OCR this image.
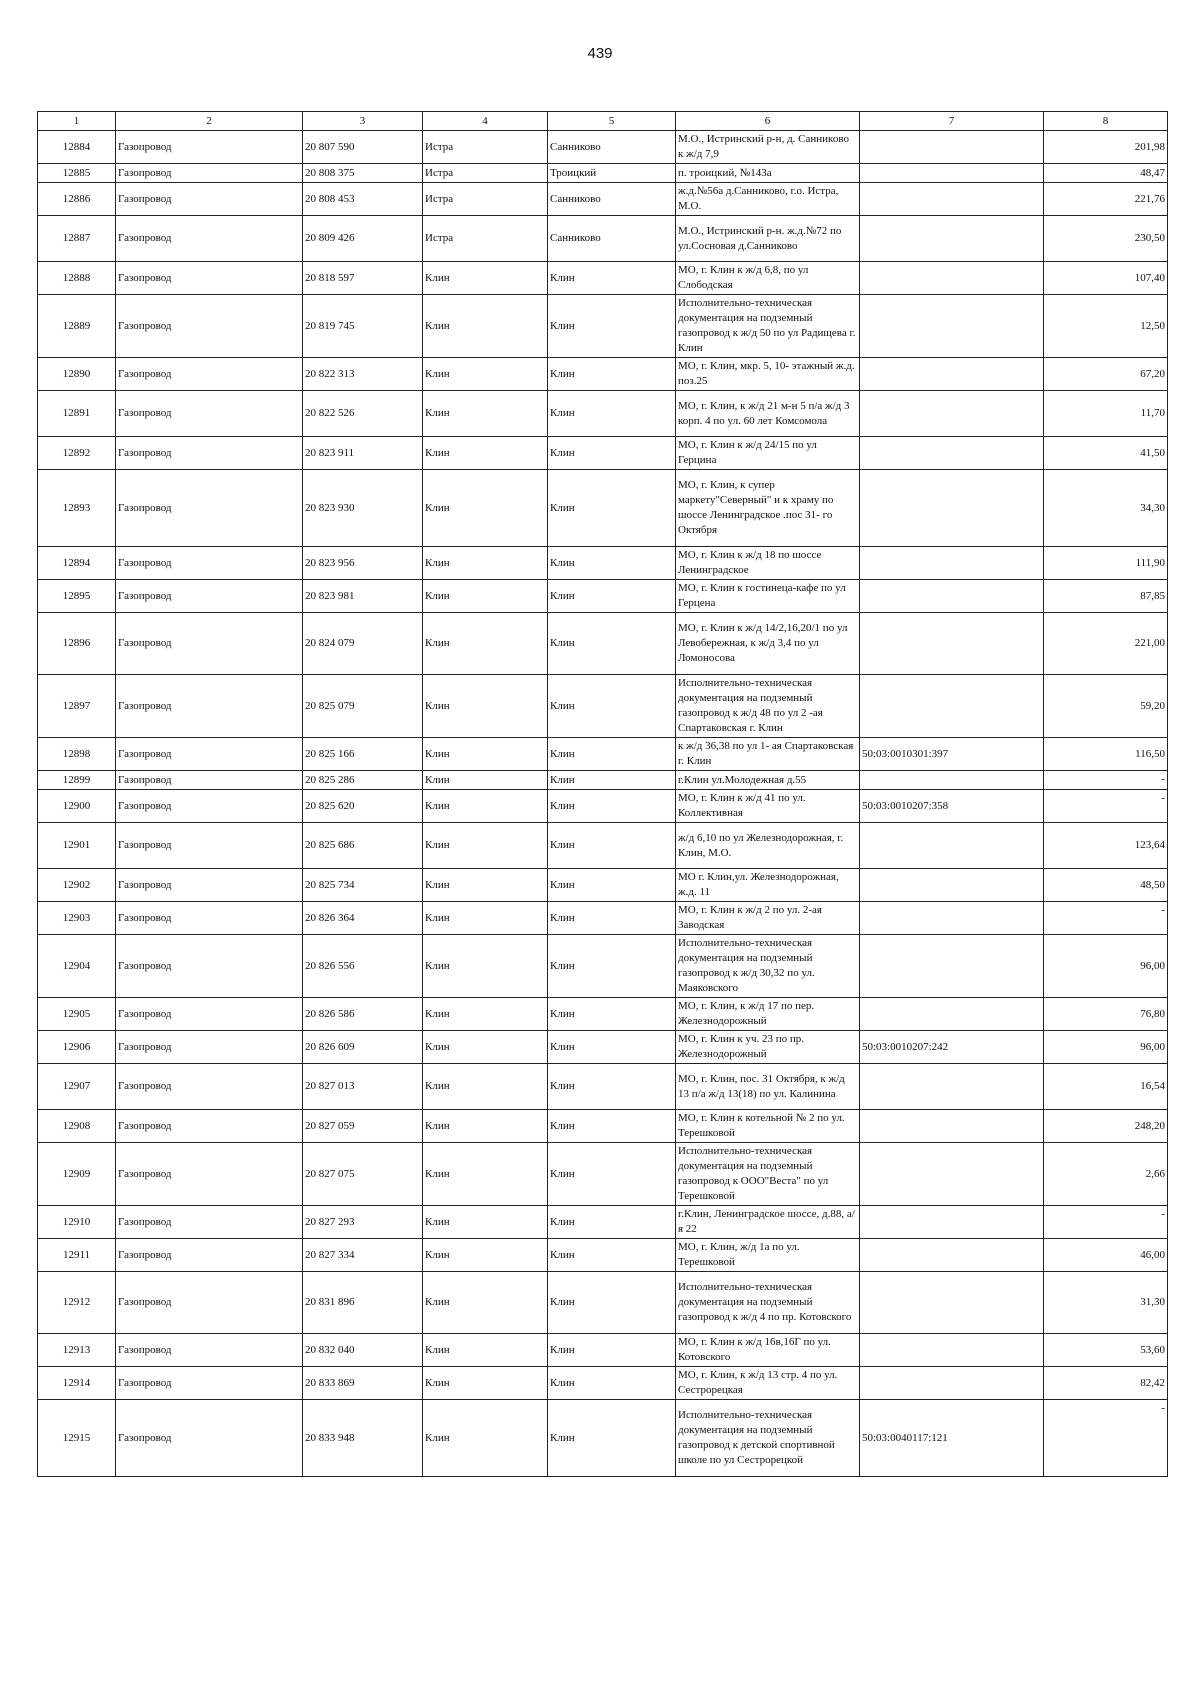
439
1	2	3	4	5	6	7	8
12884	Газопровод	20 807 590	Истра	Санниково	М.О., Истринский р-н, д. Санниково к ж/д 7,9		201,98
12885	Газопровод	20 808 375	Истра	Троицкий	п. троицкий, №143а		48,47
12886	Газопровод	20 808 453	Истра	Санниково	ж.д.№56а д.Санниково, г.о. Истра, М.О.		221,76
12887	Газопровод	20 809 426	Истра	Санниково	М.О., Истринский р-н. ж.д.№72 по ул.Сосновая д.Санниково		230,50
12888	Газопровод	20 818 597	Клин	Клин	МО, г. Клин к ж/д 6,8, по ул Слободская		107,40
12889	Газопровод	20 819 745	Клин	Клин	Исполнительно-техническая документация на подземный газопровод к ж/д 50 по ул Радищева г. Клин		12,50
12890	Газопровод	20 822 313	Клин	Клин	МО, г. Клин, мкр. 5, 10- этажный ж.д. поз.25		67,20
12891	Газопровод	20 822 526	Клин	Клин	МО, г. Клин, к ж/д 21 м-н 5 п/а ж/д 3 корп. 4 по ул. 60 лет Комсомола		11,70
12892	Газопровод	20 823 911	Клин	Клин	МО, г. Клин к ж/д 24/15 по ул Герцина		41,50
12893	Газопровод	20 823 930	Клин	Клин	МО, г. Клин, к супер маркету"Северный" и к храму по шоссе Ленинградское .пос 31- го Октября		34,30
12894	Газопровод	20 823 956	Клин	Клин	МО, г. Клин к ж/д 18 по шоссе Ленинградское		111,90
12895	Газопровод	20 823 981	Клин	Клин	МО, г. Клин к гостинеца-кафе по ул Герцена		87,85
12896	Газопровод	20 824 079	Клин	Клин	МО, г. Клин к ж/д 14/2,16,20/1 по ул Левобережная, к ж/д 3,4 по ул Ломоносова		221,00
12897	Газопровод	20 825 079	Клин	Клин	Исполнительно-техническая документация на подземный газопровод к ж/д 48 по ул 2 -ая Спартаковская г. Клин		59,20
12898	Газопровод	20 825 166	Клин	Клин	к ж/д 36,38 по ул 1- ая Спартаковская г. Клин	50:03:0010301:397	116,50
12899	Газопровод	20 825 286	Клин	Клин	г.Клин ул.Молодежная д.55		-
12900	Газопровод	20 825 620	Клин	Клин	МО, г. Клин к ж/д 41 по ул. Коллективная	50:03:0010207:358	-
12901	Газопровод	20 825 686	Клин	Клин	ж/д 6,10 по ул Железнодорожная, г. Клин, М.О.		123,64
12902	Газопровод	20 825 734	Клин	Клин	МО г. Клин,ул. Железнодорожная, ж.д. 11		48,50
12903	Газопровод	20 826 364	Клин	Клин	МО, г. Клин к ж/д 2 по ул. 2-ая Заводская		-
12904	Газопровод	20 826 556	Клин	Клин	Исполнительно-техническая документация на подземный газопровод к ж/д 30,32 по ул. Маяковского		96,00
12905	Газопровод	20 826 586	Клин	Клин	МО, г. Клин, к ж/д 17 по пер. Железнодорожный		76,80
12906	Газопровод	20 826 609	Клин	Клин	МО, г. Клин к уч. 23 по пр. Железнодорожный	50:03:0010207:242	96,00
12907	Газопровод	20 827 013	Клин	Клин	МО, г. Клин, пос. 31 Октября, к ж/д 13 п/а ж/д 13(18) по ул. Калинина		16,54
12908	Газопровод	20 827 059	Клин	Клин	МО, г. Клин к котельной № 2 по ул. Терешковой		248,20
12909	Газопровод	20 827 075	Клин	Клин	Исполнительно-техническая документация на подземный газопровод к ООО"Веста" по ул Терешковой		2,66
12910	Газопровод	20 827 293	Клин	Клин	г.Клин, Ленинградское шоссе, д.88, а/я 22		-
12911	Газопровод	20 827 334	Клин	Клин	МО, г. Клин, ж/д 1а по ул. Терешковой		46,00
12912	Газопровод	20 831 896	Клин	Клин	Исполнительно-техническая документация на подземный газопровод к ж/д 4 по пр. Котовского		31,30
12913	Газопровод	20 832 040	Клин	Клин	МО, г. Клин к ж/д 16в,16Г по ул. Котовского		53,60
12914	Газопровод	20 833 869	Клин	Клин	МО, г. Клин, к ж/д 13 стр. 4 по ул. Сестрорецкая		82,42
12915	Газопровод	20 833 948	Клин	Клин	Исполнительно-техническая документация на подземный газопровод к детской спортивной школе по ул Сестрорецкой	50:03:0040117:121	-
